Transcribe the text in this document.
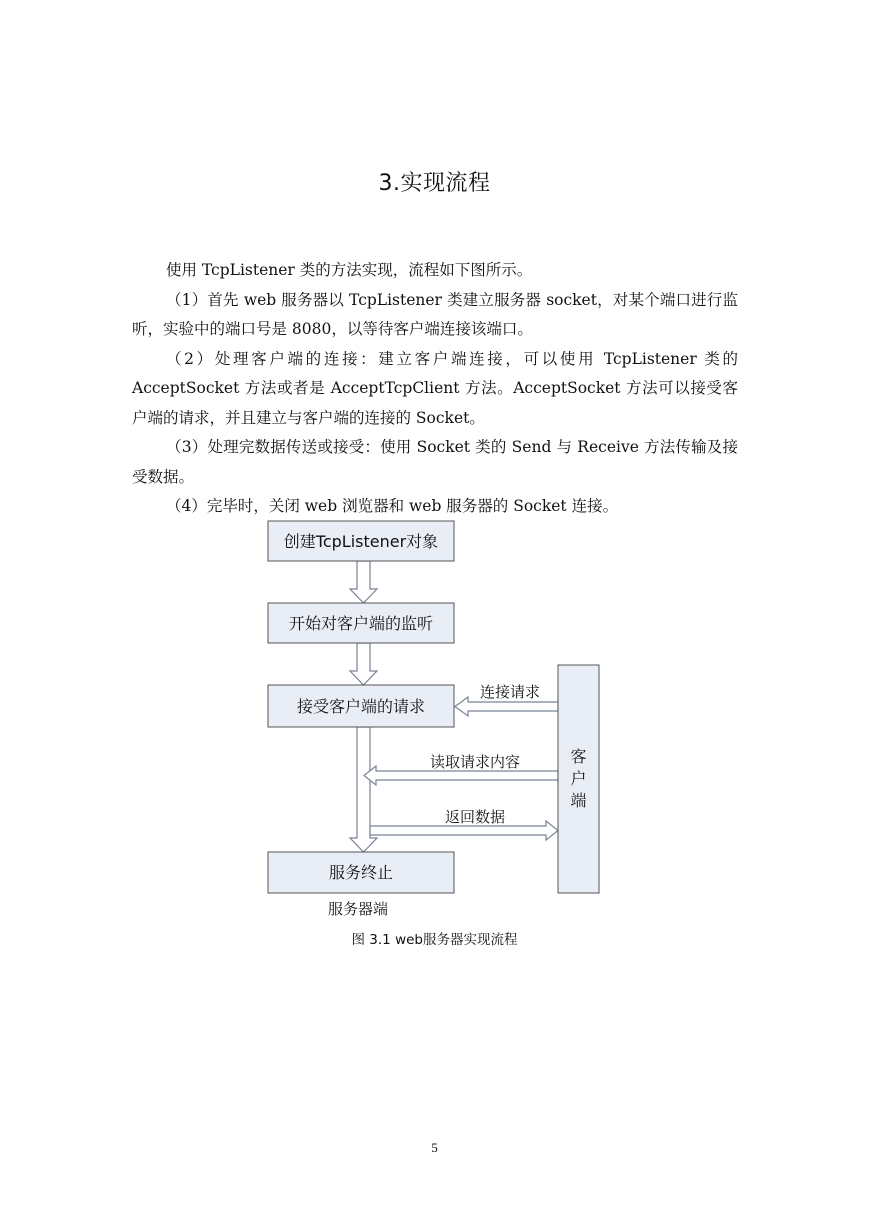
3.实现流程

使用 TcpListener 类的方法实现，流程如下图所示。

（1）首先 web 服务器以 TcpListener 类建立服务器 socket，对某个端口进行监听，实验中的端口号是 8080，以等待客户端连接该端口。

（2）处理客户端的连接：建立客户端连接，可以使用 TcpListener 类的 AcceptSocket 方法或者是 AcceptTcpClient 方法。AcceptSocket 方法可以接受客户端的请求，并且建立与客户端的连接的 Socket。

（3）处理完数据传送或接受：使用 Socket 类的 Send 与 Receive 方法传输及接受数据。

（4）完毕时，关闭 web 浏览器和 web 服务器的 Socket 连接。

创建TcpListener对象
开始对客户端的监听
接受客户端的请求
服务终止
客
户
端
连接请求
读取请求内容
返回数据
服务器端
图 3.1 web服务器实现流程
5
